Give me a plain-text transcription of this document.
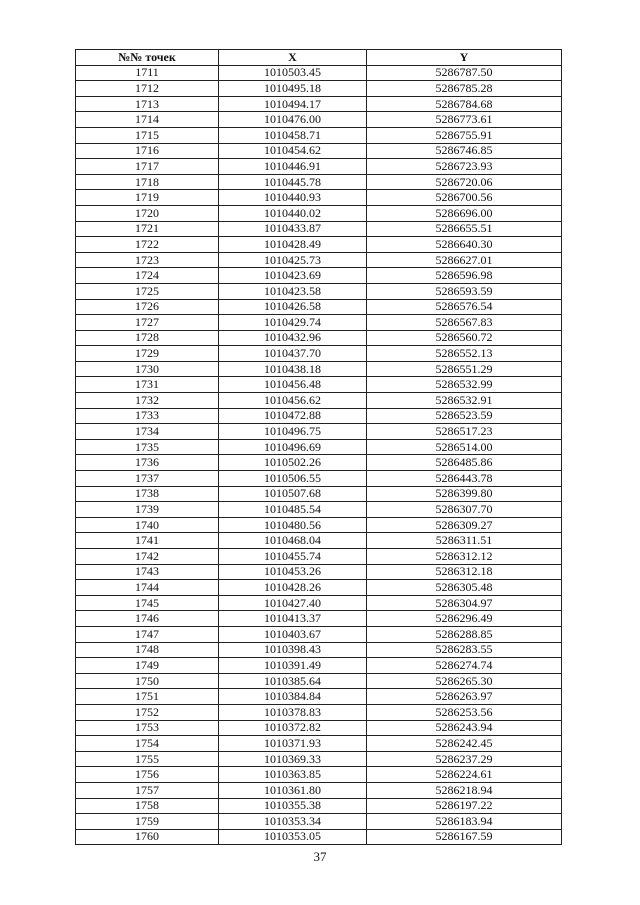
№№ точек	X	Y
1711	1010503.45	5286787.50
1712	1010495.18	5286785.28
1713	1010494.17	5286784.68
1714	1010476.00	5286773.61
1715	1010458.71	5286755.91
1716	1010454.62	5286746.85
1717	1010446.91	5286723.93
1718	1010445.78	5286720.06
1719	1010440.93	5286700.56
1720	1010440.02	5286696.00
1721	1010433.87	5286655.51
1722	1010428.49	5286640.30
1723	1010425.73	5286627.01
1724	1010423.69	5286596.98
1725	1010423.58	5286593.59
1726	1010426.58	5286576.54
1727	1010429.74	5286567.83
1728	1010432.96	5286560.72
1729	1010437.70	5286552.13
1730	1010438.18	5286551.29
1731	1010456.48	5286532.99
1732	1010456.62	5286532.91
1733	1010472.88	5286523.59
1734	1010496.75	5286517.23
1735	1010496.69	5286514.00
1736	1010502.26	5286485.86
1737	1010506.55	5286443.78
1738	1010507.68	5286399.80
1739	1010485.54	5286307.70
1740	1010480.56	5286309.27
1741	1010468.04	5286311.51
1742	1010455.74	5286312.12
1743	1010453.26	5286312.18
1744	1010428.26	5286305.48
1745	1010427.40	5286304.97
1746	1010413.37	5286296.49
1747	1010403.67	5286288.85
1748	1010398.43	5286283.55
1749	1010391.49	5286274.74
1750	1010385.64	5286265.30
1751	1010384.84	5286263.97
1752	1010378.83	5286253.56
1753	1010372.82	5286243.94
1754	1010371.93	5286242.45
1755	1010369.33	5286237.29
1756	1010363.85	5286224.61
1757	1010361.80	5286218.94
1758	1010355.38	5286197.22
1759	1010353.34	5286183.94
1760	1010353.05	5286167.59
37
